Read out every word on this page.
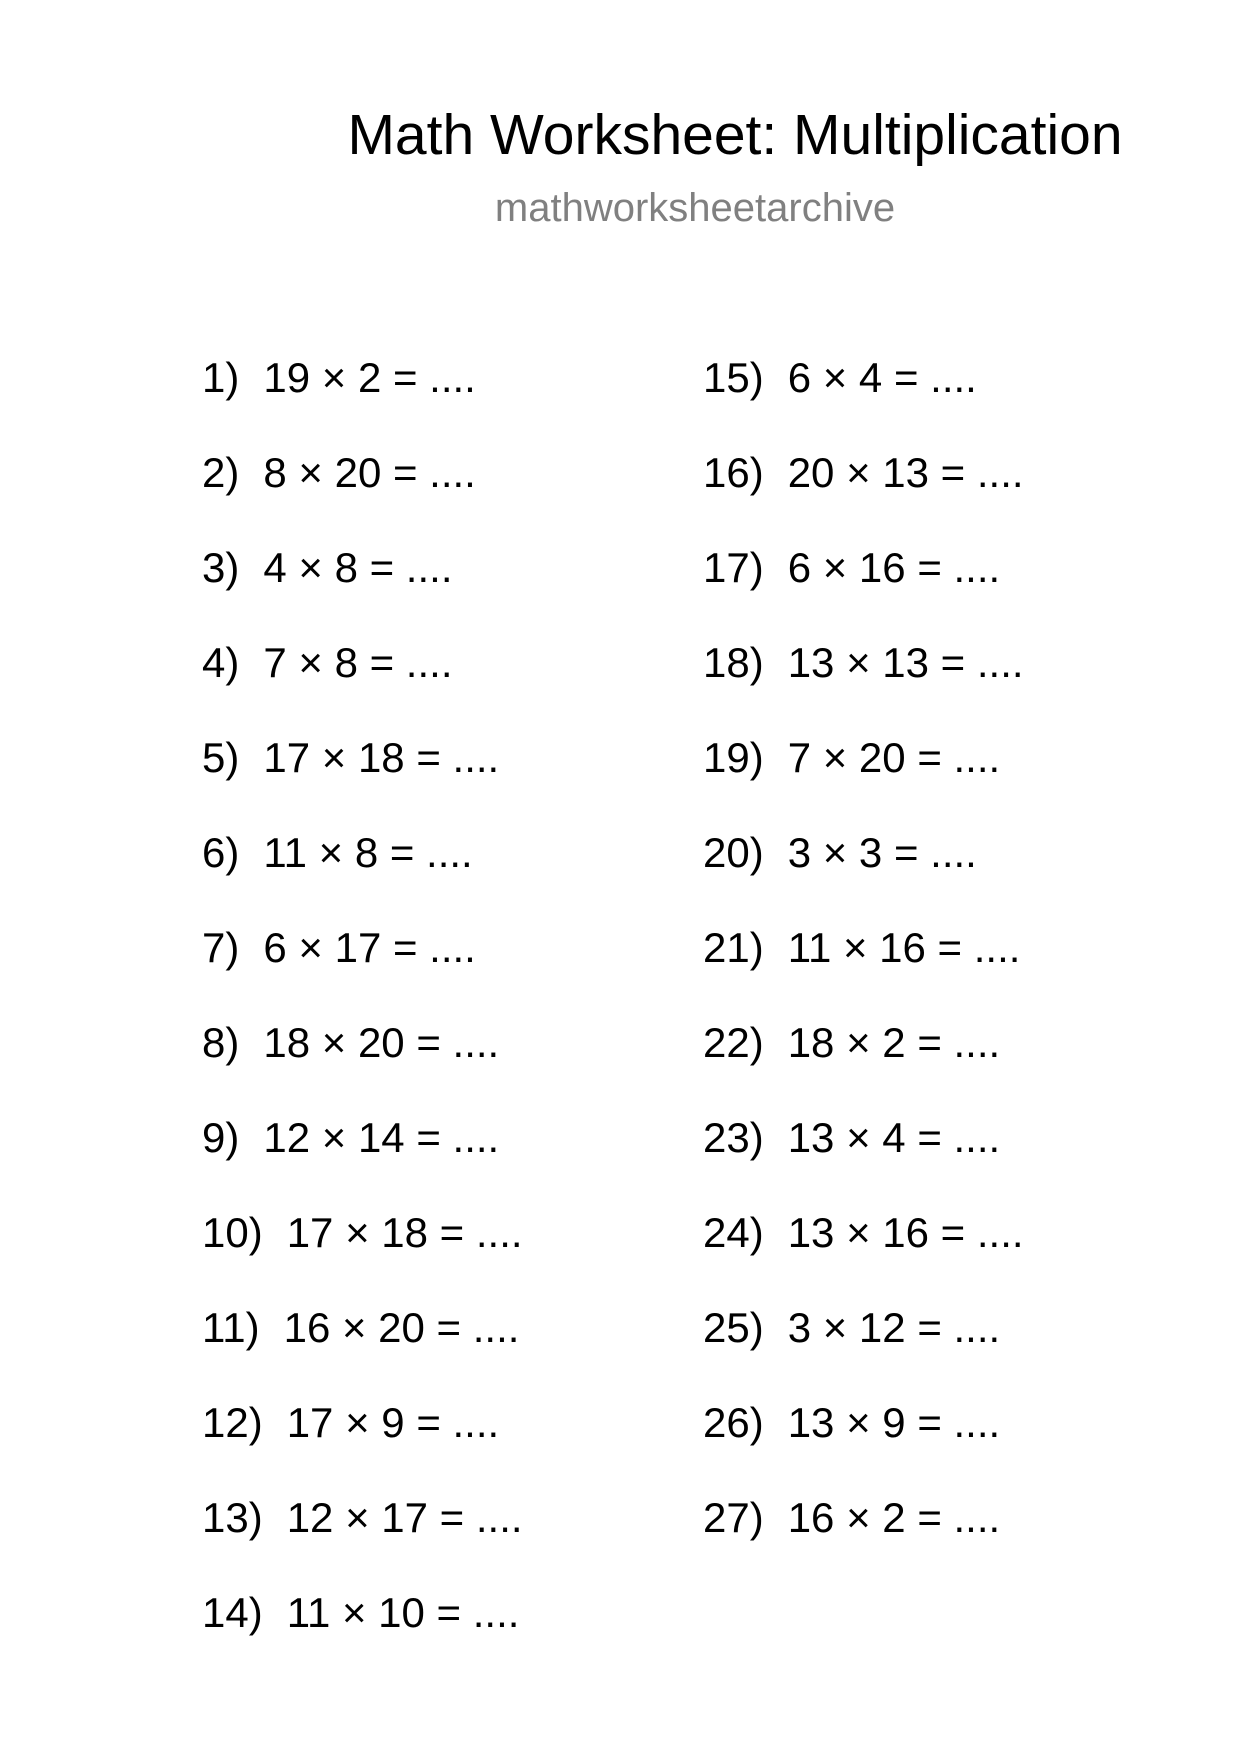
Math Worksheet: Multiplication
mathworksheetarchive
1) 19 × 2 = ....
2) 8 × 20 = ....
3) 4 × 8 = ....
4) 7 × 8 = ....
5) 17 × 18 = ....
6) 11 × 8 = ....
7) 6 × 17 = ....
8) 18 × 20 = ....
9) 12 × 14 = ....
10) 17 × 18 = ....
11) 16 × 20 = ....
12) 17 × 9 = ....
13) 12 × 17 = ....
14) 11 × 10 = ....
15) 6 × 4 = ....
16) 20 × 13 = ....
17) 6 × 16 = ....
18) 13 × 13 = ....
19) 7 × 20 = ....
20) 3 × 3 = ....
21) 11 × 16 = ....
22) 18 × 2 = ....
23) 13 × 4 = ....
24) 13 × 16 = ....
25) 3 × 12 = ....
26) 13 × 9 = ....
27) 16 × 2 = ....
